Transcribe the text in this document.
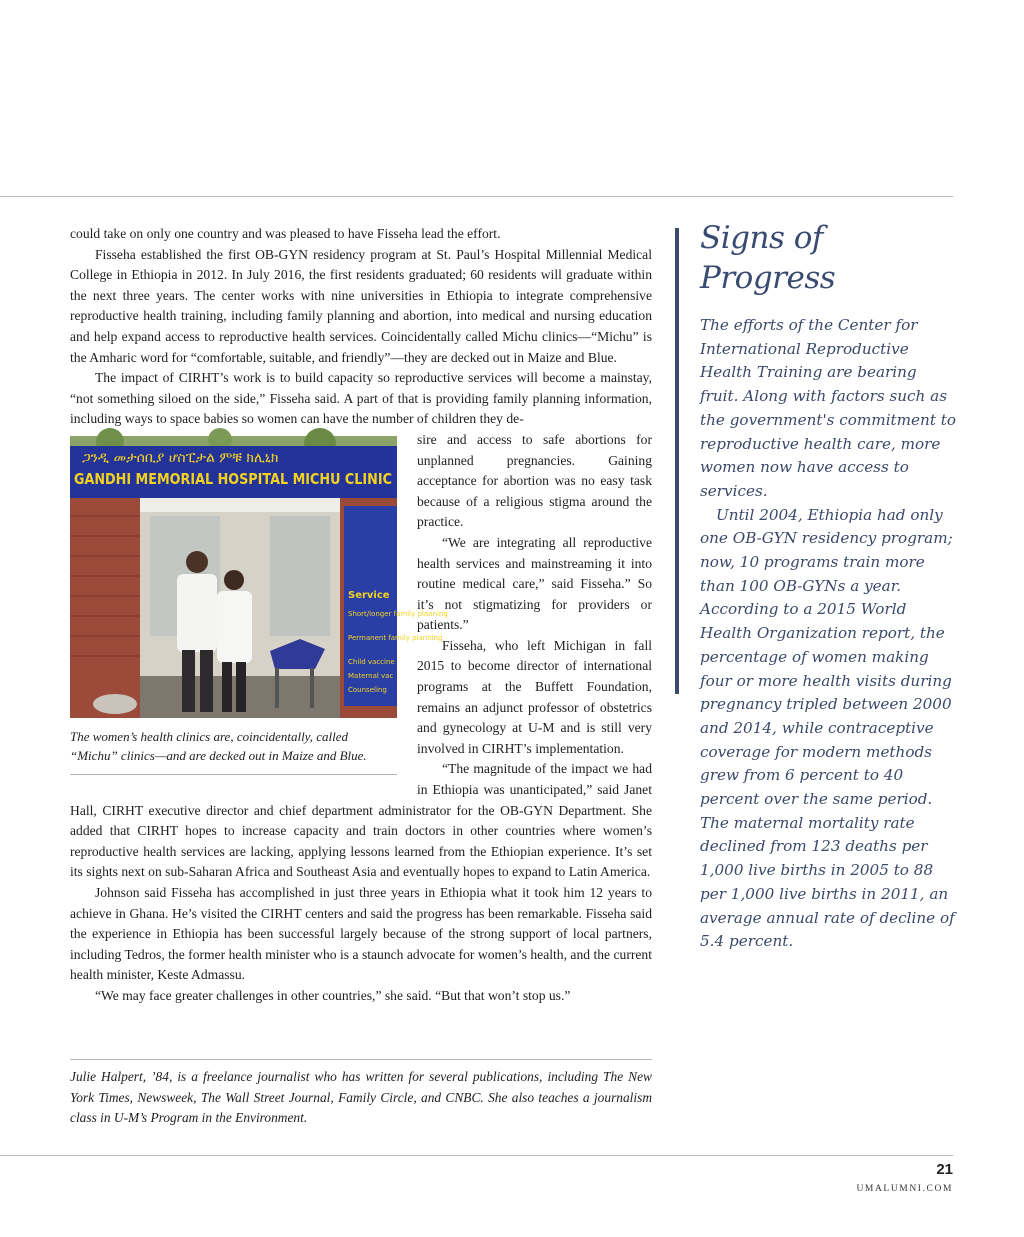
could take on only one country and was pleased to have Fisseha lead the effort.

Fisseha established the first OB-GYN residency program at St. Paul’s Hospital Millennial Medical College in Ethiopia in 2012. In July 2016, the first residents graduated; 60 residents will graduate within the next three years. The center works with nine universities in Ethiopia to integrate comprehensive reproductive health training, including family planning and abortion, into medical and nursing education and help expand access to reproductive health services. Coincidentally called Michu clinics—“Michu” is the Amharic word for “comfortable, suitable, and friendly”—they are decked out in Maize and Blue.

The impact of CIRHT’s work is to build capacity so reproductive services will become a mainstay, “not something siloed on the side,” Fisseha said. A part of that is providing family planning information, including ways to space babies so women can have the number of children they de-

ጋንዲ መታሰቢያ ሆስፒታል ምቹ ክሊኒክ
GANDHI MEMORIAL HOSPITAL MICHU CLINIC
Service
Short/longer family planning
Permanent family planning
Child vaccine
Maternal vac
Counseling
The women’s health clinics are, coincidentally, called “Michu” clinics—and are decked out in Maize and Blue.

sire and access to safe abortions for unplanned pregnancies. Gaining acceptance for abortion was no easy task because of a religious stigma around the practice.

“We are integrating all reproductive health services and mainstreaming it into routine medical care,” said Fisseha.” So it’s not stigmatizing for providers or patients.”

Fisseha, who left Michigan in fall 2015 to become director of international programs at the Buffett Foundation, remains an adjunct professor of obstetrics and gynecology at U-M and is still very involved in CIRHT’s implementation.

“The magnitude of the impact we had in Ethiopia was unanticipated,” said Janet Hall, CIRHT executive director and chief department administrator for the OB-GYN Department. She added that CIRHT hopes to increase capacity and train doctors in other countries where women’s reproductive health services are lacking, applying lessons learned from the Ethiopian experience. It’s set its sights next on sub-Saharan Africa and Southeast Asia and eventually hopes to expand to Latin America.

Johnson said Fisseha has accomplished in just three years in Ethiopia what it took him 12 years to achieve in Ghana. He’s visited the CIRHT centers and said the progress has been remarkable. Fisseha said the experience in Ethiopia has been successful largely because of the strong support of local partners, including Tedros, the former health minister who is a staunch advocate for women’s health, and the current health minister, Keste Admassu.

“We may face greater challenges in other countries,” she said. “But that won’t stop us.”

Julie Halpert, ’84, is a freelance journalist who has written for several publications, including The New York Times, Newsweek, The Wall Street Journal, Family Circle, and CNBC. She also teaches a journalism class in U-M’s Program in the Environment.
Signs of Progress

The efforts of the Center for International Reproductive Health Training are bearing fruit. Along with factors such as the government's commitment to reproductive health care, more women now have access to services.

Until 2004, Ethiopia had only one OB-GYN residency program; now, 10 programs train more than 100 OB-GYNs a year. According to a 2015 World Health Organization report, the percentage of women making four or more health visits during pregnancy tripled between 2000 and 2014, while contraceptive coverage for modern methods grew from 6 percent to 40 percent over the same period. The maternal mortality rate declined from 123 deaths per 1,000 live births in 2005 to 88 per 1,000 live births in 2011, an average annual rate of decline of 5.4 percent.

21
UMALUMNI.COM
